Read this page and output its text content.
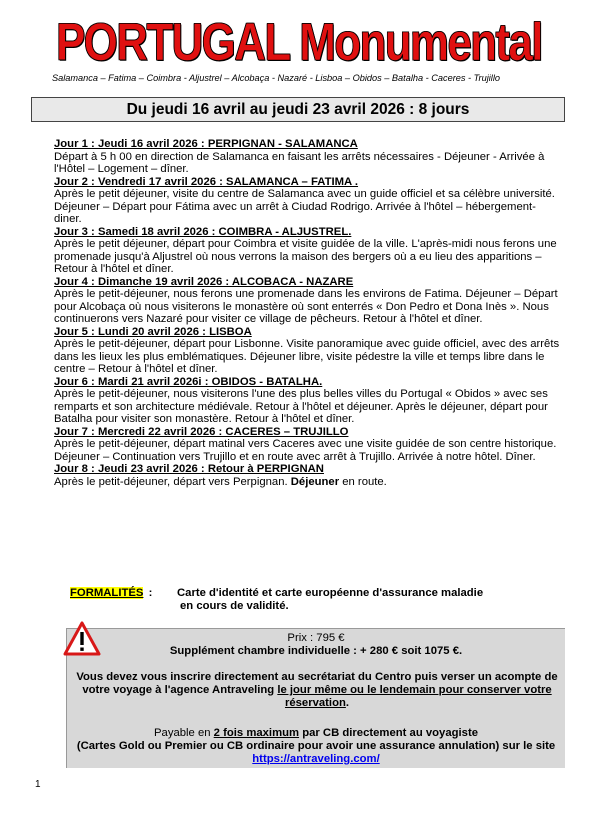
PORTUGAL Monumental
Salamanca – Fatima – Coimbra - Aljustrel – Alcobaça - Nazaré - Lisboa – Obidos – Batalha - Caceres - Trujillo
Du jeudi 16 avril au jeudi 23 avril 2026 : 8 jours
Jour 1 : Jeudi 16 avril 2026 : PERPIGNAN - SALAMANCA
Départ à 5 h 00 en direction de Salamanca en faisant les arrêts nécessaires - Déjeuner - Arrivée à l'Hôtel – Logement – dîner.
Jour 2 : Vendredi 17 avril 2026 : SALAMANCA – FATIMA .
Après le petit déjeuner, visite du centre de Salamanca avec un guide officiel et sa célèbre université. Déjeuner – Départ pour Fátima avec un arrêt à Ciudad Rodrigo. Arrivée à l'hôtel – hébergement- diner.
Jour 3 : Samedi 18 avril 2026 : COIMBRA - ALJUSTREL.
Après le petit déjeuner, départ pour Coimbra et visite guidée de la ville. L'après-midi nous ferons une promenade jusqu'à Aljustrel où nous verrons la maison des bergers où a eu lieu des apparitions – Retour à l'hôtel et dîner.
Jour 4 : Dimanche 19 avril 2026 : ALCOBACA - NAZARE
Après le petit-déjeuner, nous ferons une promenade dans les environs de Fatima. Déjeuner – Départ pour Alcobaça où nous visiterons le monastère où sont enterrés « Don Pedro et Dona Inès ». Nous continuerons vers Nazaré pour visiter ce village de pêcheurs. Retour à l'hôtel et dîner.
Jour 5 : Lundi 20 avril 2026 : LISBOA
Après le petit-déjeuner, départ pour Lisbonne. Visite panoramique avec guide officiel, avec des arrêts dans les lieux les plus emblématiques. Déjeuner libre, visite pédestre la ville et temps libre dans le centre – Retour à l'hôtel et dîner.
Jour 6 : Mardi 21 avril 2026i : OBIDOS - BATALHA.
Après le petit-déjeuner, nous visiterons l'une des plus belles villes du Portugal « Obidos » avec ses remparts et son architecture médiévale. Retour à l'hôtel et déjeuner. Après le déjeuner, départ pour Batalha pour visiter son monastère. Retour à l'hôtel et dîner.
Jour 7 : Mercredi 22 avril 2026 : CACERES – TRUJILLO
Après le petit-déjeuner, départ matinal vers Caceres avec une visite guidée de son centre historique. Déjeuner – Continuation vers Trujillo et en route avec arrêt à Trujillo. Arrivée à notre hôtel. Dîner.
Jour 8 : Jeudi 23 avril 2026 : Retour à PERPIGNAN
Après le petit-déjeuner, départ vers Perpignan. Déjeuner en route.
FORMALITÉS : Carte d'identité et carte européenne d'assurance maladie
en cours de validité.
Prix : 795 €
Supplément chambre individuelle : + 280 € soit 1075 €.
Vous devez vous inscrire directement au secrétariat du Centro puis verser un acompte de votre voyage à l'agence Antraveling le jour même ou le lendemain pour conserver votre réservation.
Payable en 2 fois maximum par CB directement au voyagiste
(Cartes Gold ou Premier ou CB ordinaire pour avoir une assurance annulation) sur le site https://antraveling.com/
1
